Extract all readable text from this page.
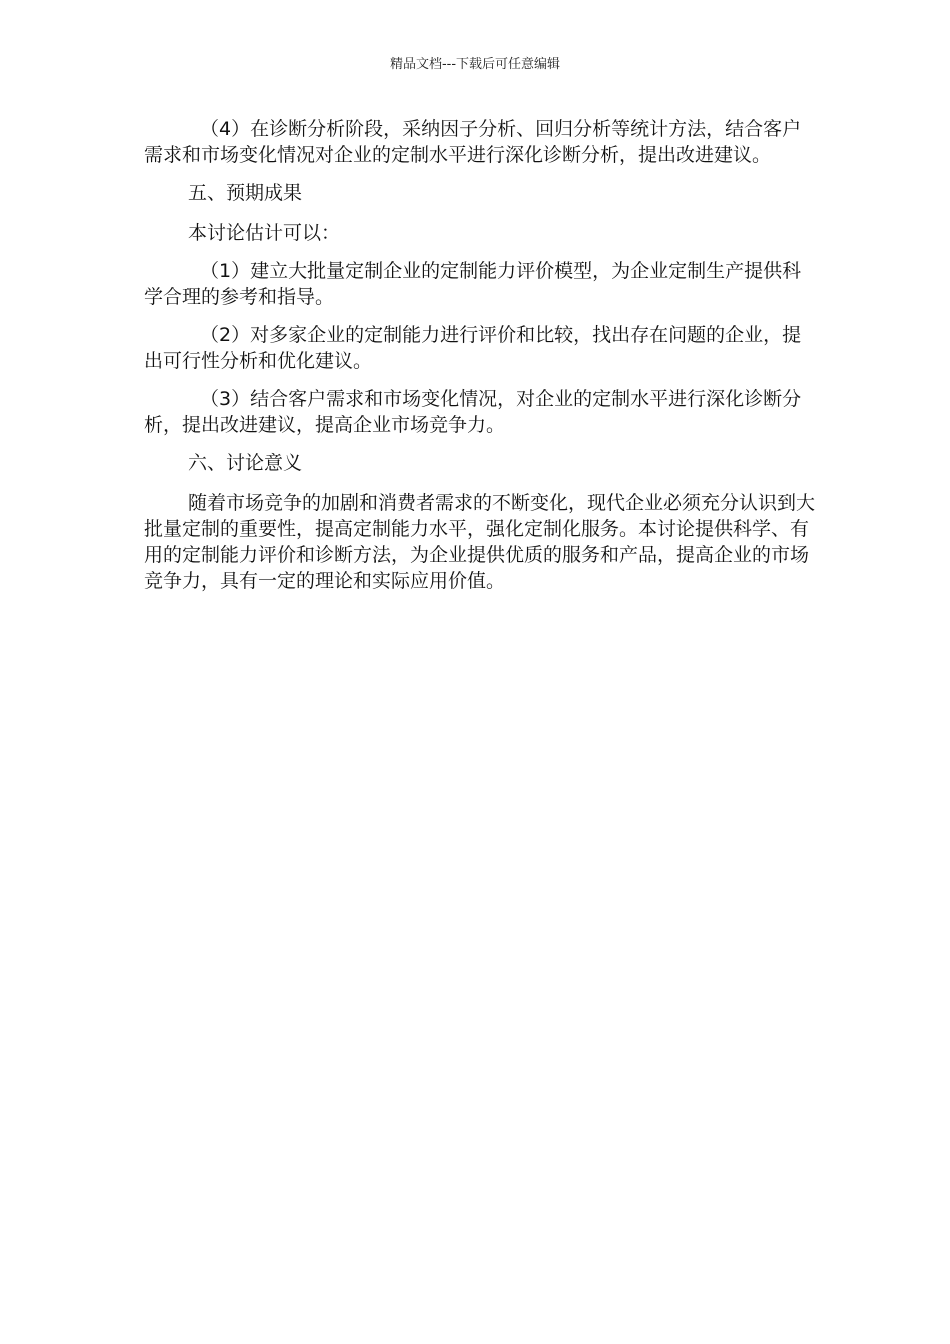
精品文档---下载后可任意编辑

（4）在诊断分析阶段，采纳因子分析、回归分析等统计方法，结合客户需求和市场变化情况对企业的定制水平进行深化诊断分析，提出改进建议。

五、预期成果

本讨论估计可以：

（1）建立大批量定制企业的定制能力评价模型，为企业定制生产提供科学合理的参考和指导。

（2）对多家企业的定制能力进行评价和比较，找出存在问题的企业，提出可行性分析和优化建议。

（3）结合客户需求和市场变化情况，对企业的定制水平进行深化诊断分析，提出改进建议，提高企业市场竞争力。

六、讨论意义

随着市场竞争的加剧和消费者需求的不断变化，现代企业必须充分认识到大批量定制的重要性，提高定制能力水平，强化定制化服务。本讨论提供科学、有用的定制能力评价和诊断方法，为企业提供优质的服务和产品，提高企业的市场竞争力，具有一定的理论和实际应用价值。
